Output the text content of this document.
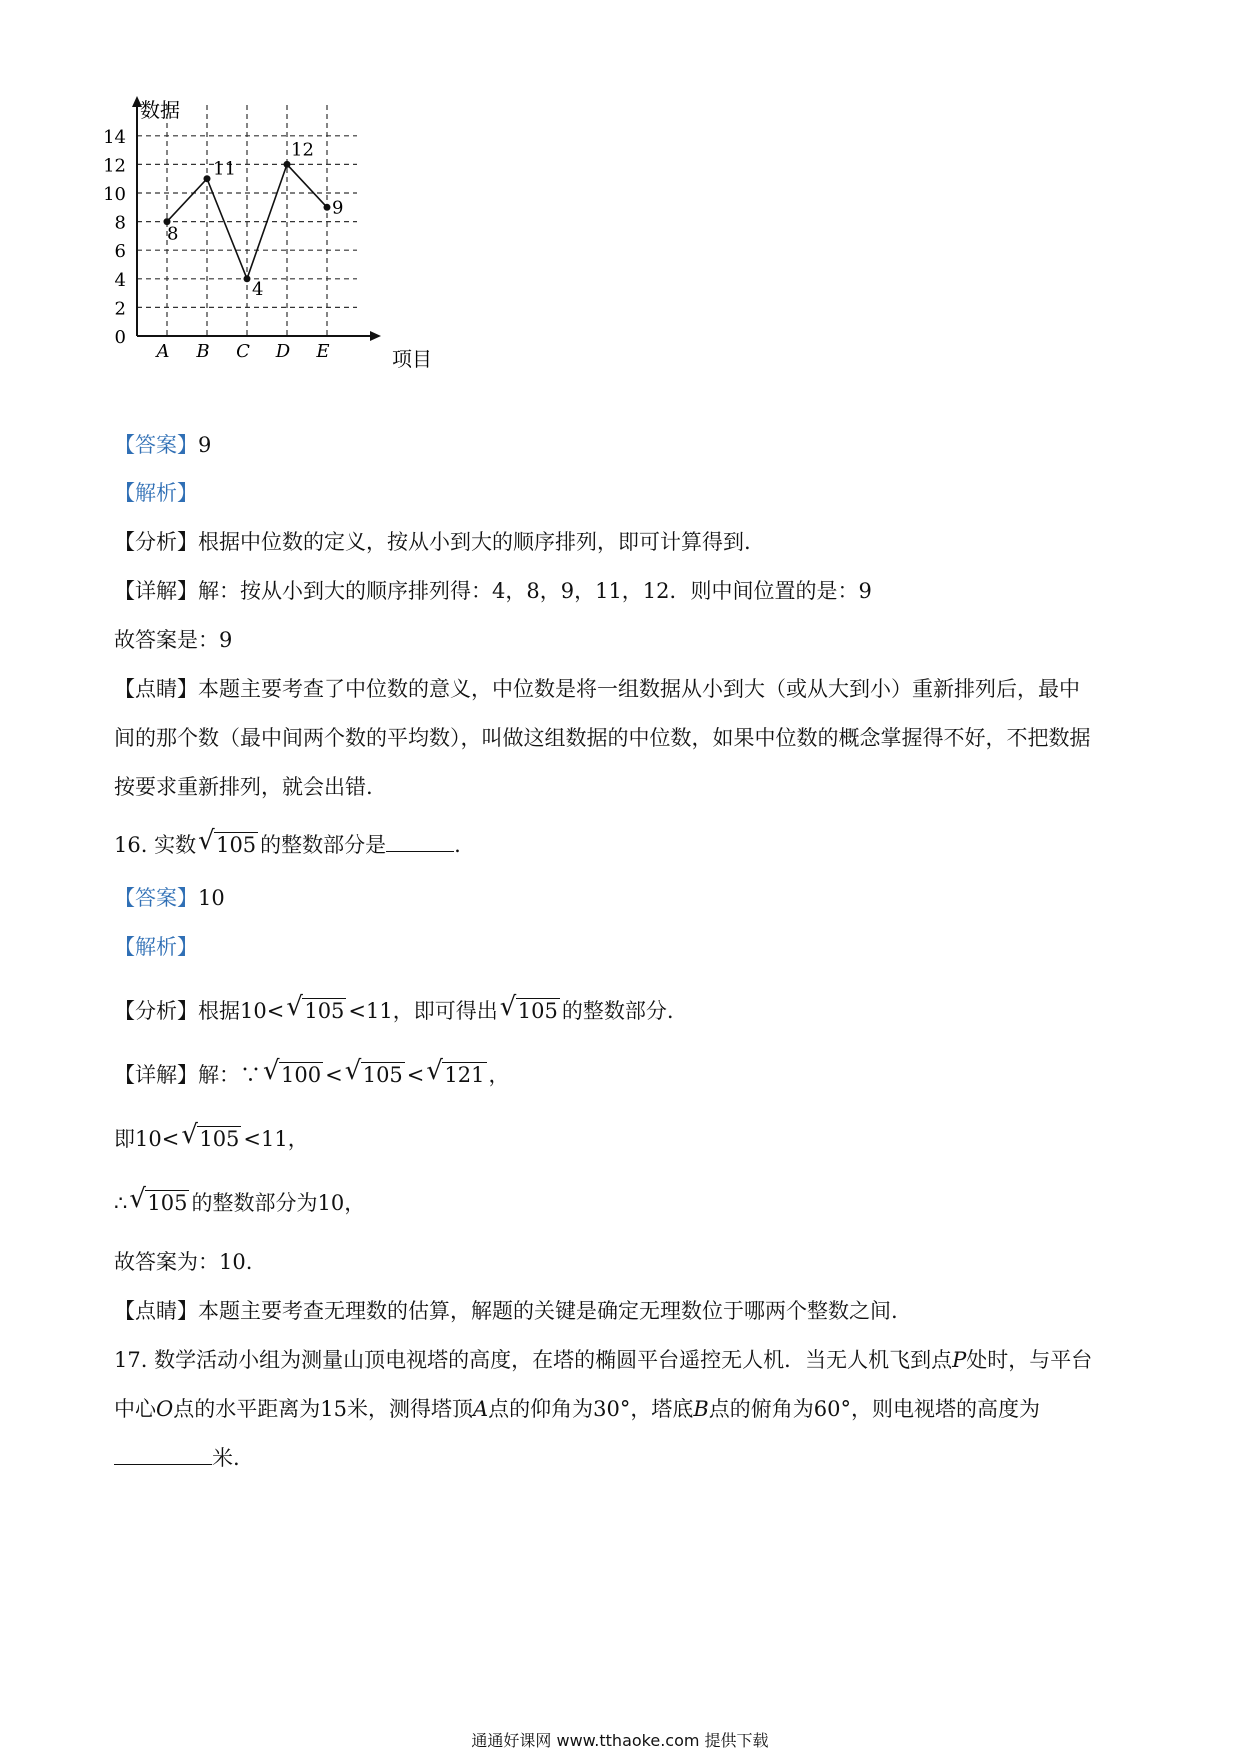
0
2
4
6
8
10
12
14
A B C D E
8
11
4
12
9
数据
项目
【答案】9
【解析】
【分析】根据中位数的定义，按从小到大的顺序排列，即可计算得到.
【详解】解：按从小到大的顺序排列得：4，8，9，11，12．则中间位置的是：9
故答案是：9
【点睛】本题主要考查了中位数的意义，中位数是将一组数据从小到大（或从大到小）重新排列后，最中
间的那个数（最中间两个数的平均数），叫做这组数据的中位数，如果中位数的概念掌握得不好，不把数据
按要求重新排列，就会出错.
16. 实数 √ 105 的整数部分是	.
【答案】10
【解析】
【分析】根据10< √ 105 <11，即可得出 √ 105 的整数部分.
【详解】解：∵ √ 100 < √ 105 < √ 121 ，
即10< √ 105 <11，
∴ √ 105 的整数部分为10，
故答案为：10.
【点睛】本题主要考查无理数的估算，解题的关键是确定无理数位于哪两个整数之间.
17. 数学活动小组为测量山顶电视塔的高度，在塔的椭圆平台遥控无人机．当无人机飞到点P处时，与平台
中心O点的水平距离为15米，测得塔顶A点的仰角为30°，塔底B点的俯角为60°，则电视塔的高度为
米.
通通好课网 www.tthaoke.com 提供下载
